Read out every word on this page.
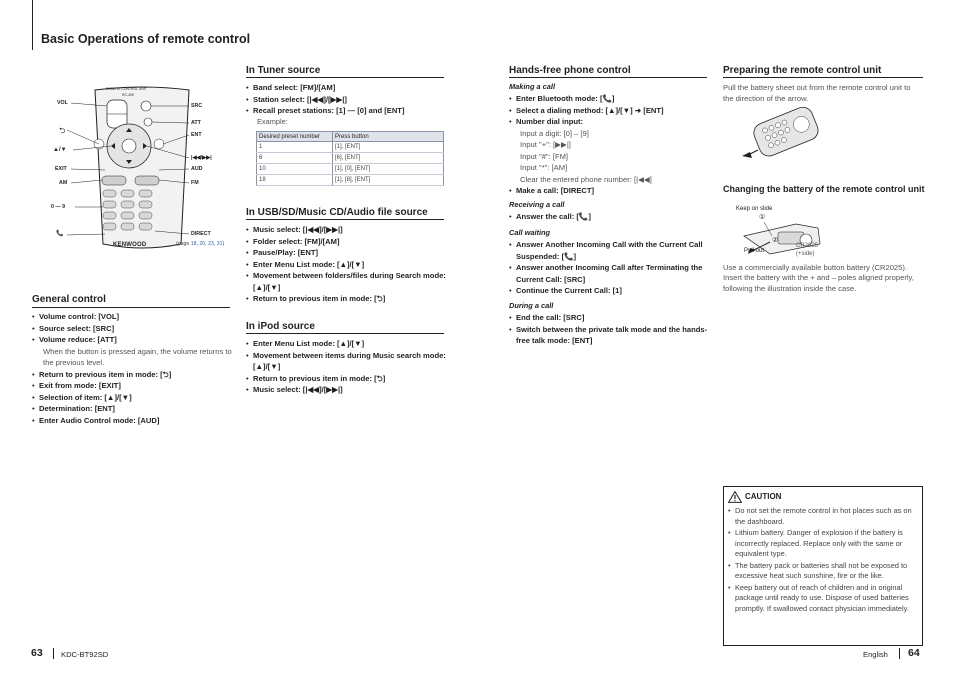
Basic Operations of remote control
REMOTE CONTROL UNIT
RC-405
KENWOOD
VOL
⮌
▲/▼
EXIT
AM
0 — 9
📞
SRC
ATT
ENT
|◀◀/▶▶|
AUD
FM
DIRECT
(page 18, 20, 23, 31)
General control
• Volume control: [VOL]
• Source select: [SRC]
• Volume reduce: [ATT]
When the button is pressed again, the volume returns to the previous level.
• Return to previous item in mode: [⮌]
• Exit from mode: [EXIT]
• Selection of item: [▲]/[▼]
• Determination: [ENT]
• Enter Audio Control mode: [AUD]
In Tuner source
• Band select: [FM]/[AM]
• Station select: [|◀◀]/[▶▶|]
• Recall preset stations: [1] — [0] and [ENT]
Example:
Desired preset number	Press button
1	[1], [ENT]
6	[6], [ENT]
10	[1], [0], [ENT]
18	[1], [8], [ENT]
In USB/SD/Music CD/Audio file source
• Music select: [|◀◀]/[▶▶|]
• Folder select: [FM]/[AM]
• Pause/Play: [ENT]
• Enter Menu List mode: [▲]/[▼]
• Movement between folders/files during Search mode: [▲]/[▼]
• Return to previous item in mode: [⮌]
In iPod source
• Enter Menu List mode: [▲]/[▼]
• Movement between items during Music search mode: [▲]/[▼]
• Return to previous item in mode: [⮌]
• Music select: [|◀◀]/[▶▶|]
Hands-free phone control
Making a call
• Enter Bluetooth mode: [📞]
• Select a dialing method: [▲]/[▼] ➜ [ENT]
• Number dial input:
Input a digit: [0] – [9]
Input "+": [▶▶|]
Input "#": [FM]
Input "*": [AM]
Clear the entered phone number: [|◀◀]
• Make a call: [DIRECT]
Receiving a call
• Answer the call: [📞]
Call waiting
• Answer Another Incoming Call with the Current Call Suspended: [📞]
• Answer another Incoming Call after Terminating the Current Call: [SRC]
• Continue the Current Call: [1]
During a call
• End the call: [SRC]
• Switch between the private talk mode and the hands-free talk mode: [ENT]
Preparing the remote control unit
Pull the battery sheet out from the remote control unit to the direction of the arrow.
Changing the battery of the remote control unit
Keep on slide
①
②
Pull out
CR2025
(+side)
Use a commercially available button battery (CR2025). Insert the battery with the + and – poles aligned properly, following the illustration inside the case.
CAUTION
• Do not set the remote control in hot places such as on the dashboard.
• Lithium battery. Danger of explosion if the battery is incorrectly replaced. Replace only with the same or equivalent type.
• The battery pack or batteries shall not be exposed to excessive heat such sunshine, fire or the like.
• Keep battery out of reach of children and in original package until ready to use. Dispose of used batteries promptly. If swallowed contact physician immediately.
63 KDC-BT92SD	English 64
